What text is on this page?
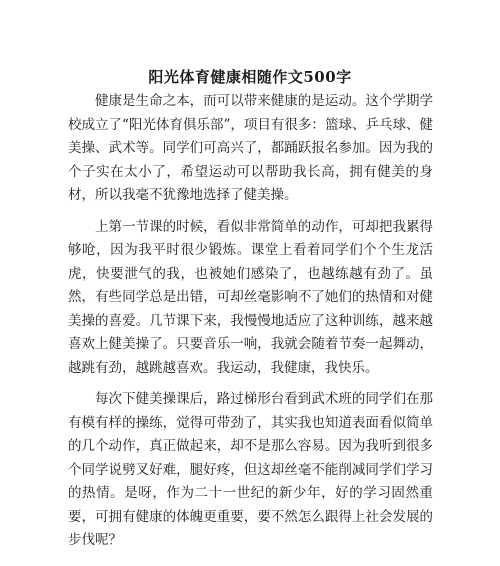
阳光体育健康相随作文500字

健康是生命之本，而可以带来健康的是运动。这个学期学校成立了“阳光体育俱乐部”，项目有很多：篮球、乒乓球、健美操、武术等。同学们可高兴了，都踊跃报名参加。因为我的个子实在太小了，希望运动可以帮助我长高，拥有健美的身材，所以我毫不犹豫地选择了健美操。

上第一节课的时候，看似非常简单的动作，可却把我累得够呛，因为我平时很少锻炼。课堂上看着同学们个个生龙活虎，快要泄气的我，也被她们感染了，也越练越有劲了。虽然，有些同学总是出错，可却丝毫影响不了她们的热情和对健美操的喜爱。几节课下来，我慢慢地适应了这种训练，越来越喜欢上健美操了。只要音乐一响，我就会随着节奏一起舞动，越跳有劲，越跳越喜欢。我运动，我健康，我快乐。

每次下健美操课后，路过梯形台看到武术班的同学们在那有模有样的操练，觉得可带劲了，其实我也知道表面看似简单的几个动作，真正做起来，却不是那么容易。因为我听到很多个同学说劈叉好难，腿好疼，但这却丝毫不能削减同学们学习的热情。是呀，作为二十一世纪的新少年，好的学习固然重要，可拥有健康的体魄更重要，要不然怎么跟得上社会发展的步伐呢？
